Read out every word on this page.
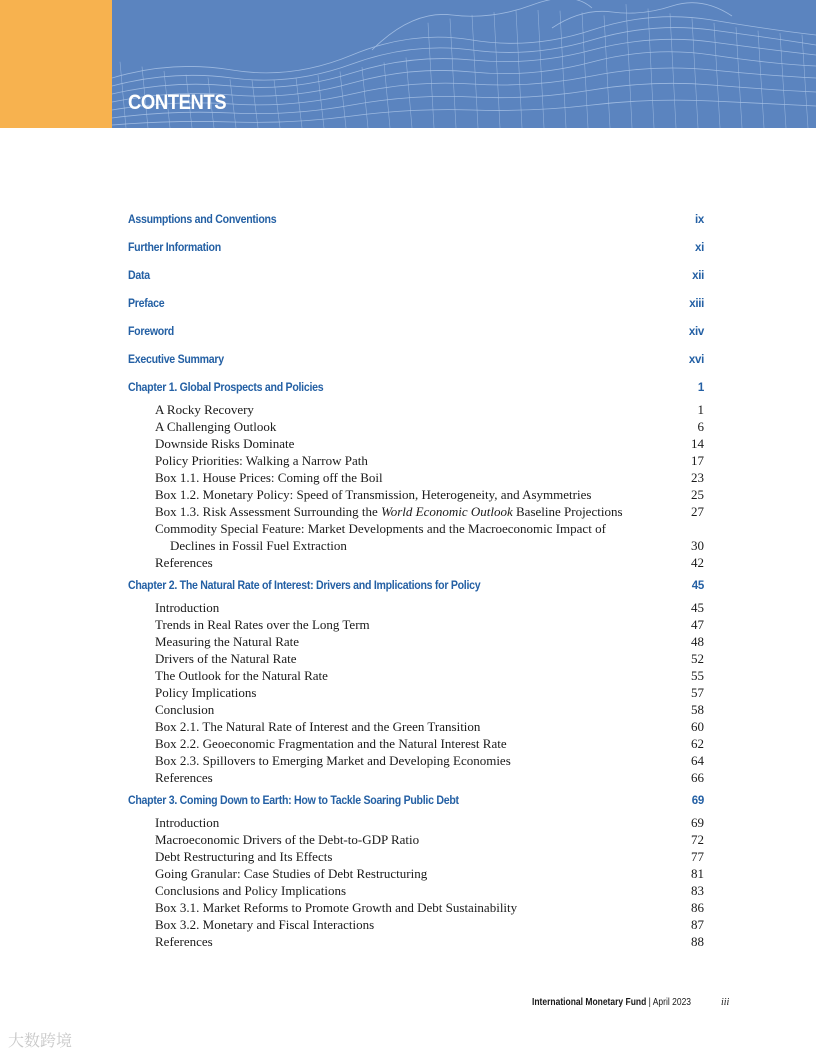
CONTENTS
Assumptions and Conventions	ix
Further Information	xi
Data	xii
Preface	xiii
Foreword	xiv
Executive Summary	xvi
Chapter 1. Global Prospects and Policies	1
A Rocky Recovery	1
A Challenging Outlook	6
Downside Risks Dominate	14
Policy Priorities: Walking a Narrow Path	17
Box 1.1. House Prices: Coming off the Boil	23
Box 1.2. Monetary Policy: Speed of Transmission, Heterogeneity, and Asymmetries	25
Box 1.3. Risk Assessment Surrounding the World Economic Outlook Baseline Projections	27
Commodity Special Feature: Market Developments and the Macroeconomic Impact of
Declines in Fossil Fuel Extraction	30
References	42
Chapter 2. The Natural Rate of Interest: Drivers and Implications for Policy	45
Introduction	45
Trends in Real Rates over the Long Term	47
Measuring the Natural Rate	48
Drivers of the Natural Rate	52
The Outlook for the Natural Rate	55
Policy Implications	57
Conclusion	58
Box 2.1. The Natural Rate of Interest and the Green Transition	60
Box 2.2. Geoeconomic Fragmentation and the Natural Interest Rate	62
Box 2.3. Spillovers to Emerging Market and Developing Economies	64
References	66
Chapter 3. Coming Down to Earth: How to Tackle Soaring Public Debt	69
Introduction	69
Macroeconomic Drivers of the Debt-to-GDP Ratio	72
Debt Restructuring and Its Effects	77
Going Granular: Case Studies of Debt Restructuring	81
Conclusions and Policy Implications	83
Box 3.1. Market Reforms to Promote Growth and Debt Sustainability	86
Box 3.2. Monetary and Fiscal Interactions	87
References	88
International Monetary Fund | April 2023	iii
大数跨境
